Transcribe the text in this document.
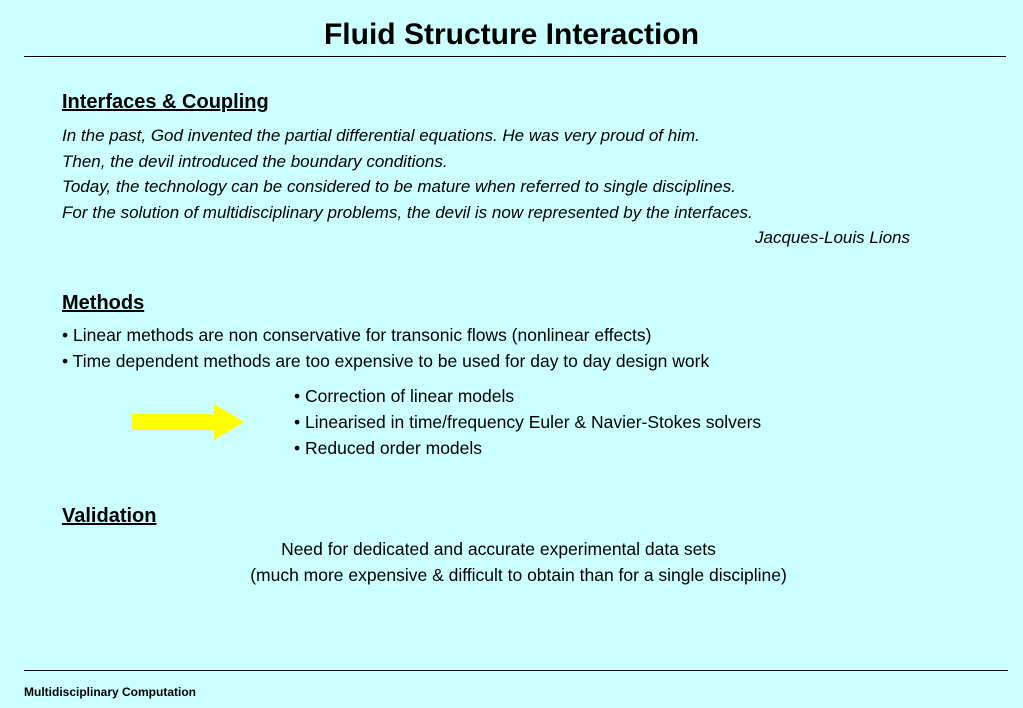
Fluid Structure Interaction
Interfaces & Coupling
In the past, God invented the partial differential equations. He was very proud of him.
Then, the devil introduced the boundary conditions.
Today, the technology can be considered to be mature when referred to single disciplines.
For the solution of multidisciplinary problems, the devil is now represented by the interfaces.
Jacques-Louis Lions
Methods
• Linear methods are non conservative for transonic flows (nonlinear effects)
• Time dependent methods are too expensive to be used for day to day design work
• Correction of linear models
• Linearised in time/frequency Euler & Navier-Stokes solvers
• Reduced order models
Validation
Need for dedicated and accurate experimental data sets
(much more expensive & difficult to obtain than for a single discipline)
Multidisciplinary Computation
